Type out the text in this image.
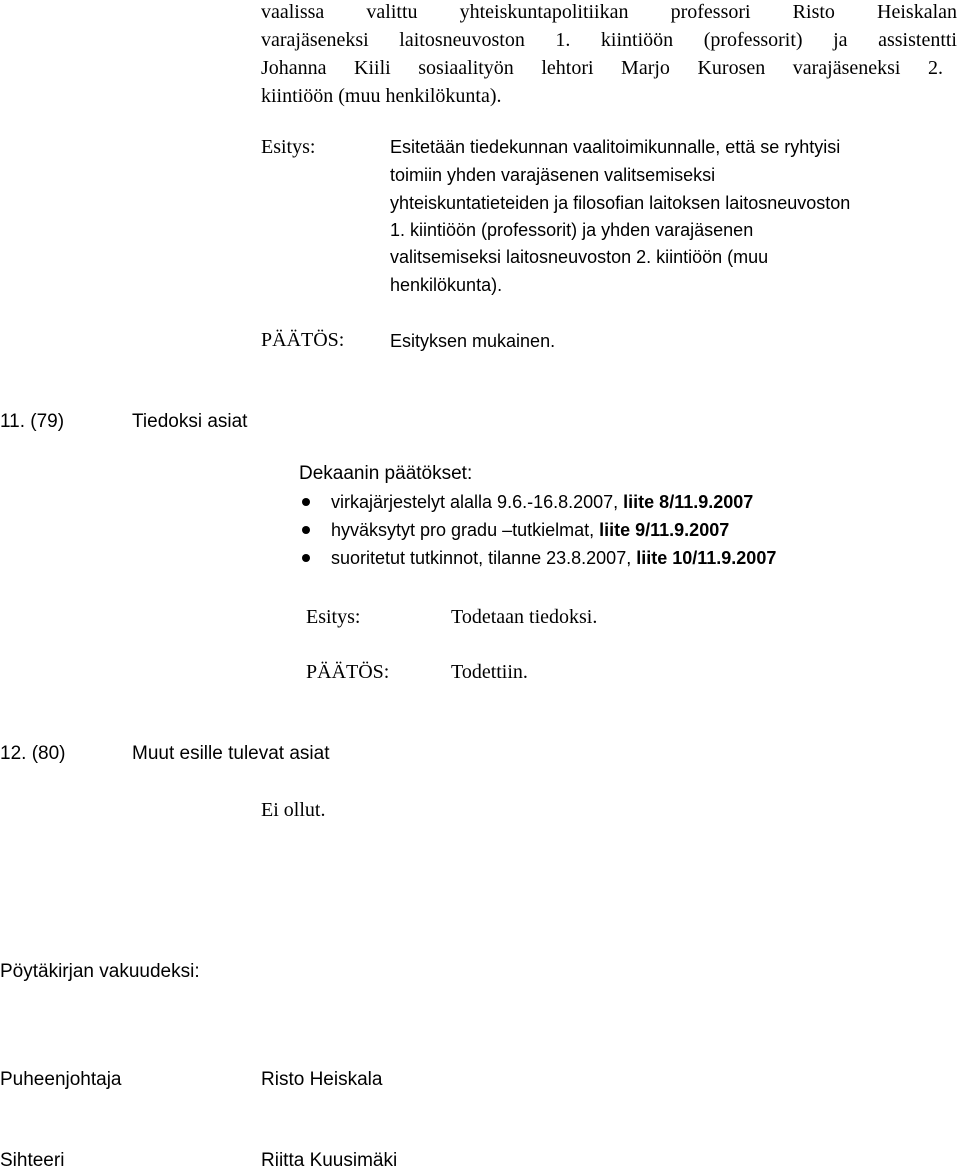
vaalissa valittu yhteiskuntapolitiikan professori Risto Heiskalan
varajäseneksi laitosneuvoston 1. kiintiöön (professorit) ja assistentti
Johanna Kiili sosiaalityön lehtori Marjo Kurosen varajäseneksi 2.
kiintiöön (muu henkilökunta).
Esitys:	Esitetään tiedekunnan vaalitoimikunnalle, että se ryhtyisi
toimiin yhden varajäsenen valitsemiseksi
yhteiskuntatieteiden ja filosofian laitoksen laitosneuvoston
1. kiintiöön (professorit) ja yhden varajäsenen
valitsemiseksi laitosneuvoston 2. kiintiöön (muu
henkilökunta).
PÄÄTÖS:	Esityksen mukainen.
11. (79)	Tiedoksi asiat
Dekaanin päätökset:
virkajärjestelyt alalla 9.6.-16.8.2007, liite 8/11.9.2007
hyväksytyt pro gradu –tutkielmat, liite 9/11.9.2007
suoritetut tutkinnot, tilanne 23.8.2007, liite 10/11.9.2007
Esitys:	Todetaan tiedoksi.
PÄÄTÖS:	Todettiin.
12. (80)	Muut esille tulevat asiat
Ei ollut.
Pöytäkirjan vakuudeksi:
Puheenjohtaja	Risto Heiskala
Sihteeri	Riitta Kuusimäki
